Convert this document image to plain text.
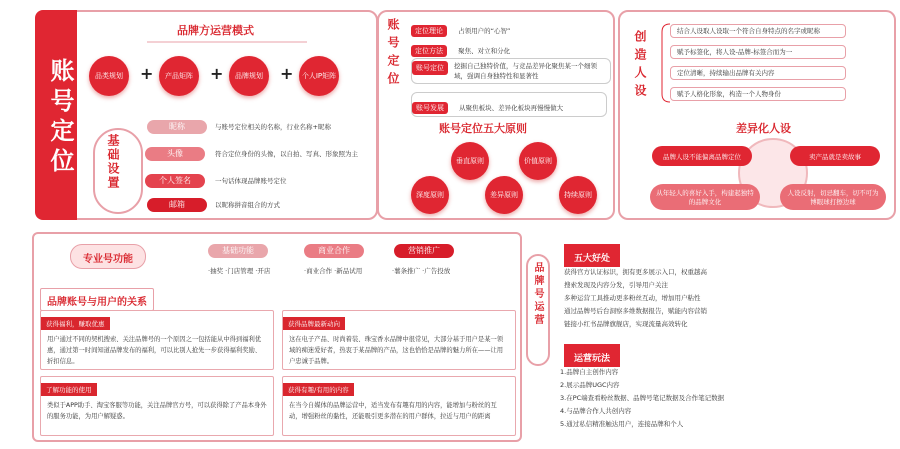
账号定位
品牌方运营模式
品类规划	+	产品矩阵	+	品牌规划	+	个人IP矩阵
基础设置
昵称	与账号定位相关的名称，行业名称+昵称
头像	符合定位身份的头像，以自拍、写真、形象照为主
个人签名	一句话体现品牌账号定位
邮箱	以昵称拼音组合的方式
账号定位	定位理论 占领用户的“心智”
定位方法 聚焦、对立和分化
账号定位	挖掘自己独特价值，与竞品差异化聚焦某一个细领域，强调自身独特性和显著性
账号发展 从聚焦板块、差异化板块再慢慢做大
账号定位五大原则
垂直原则	价值原则
深度原则	差异原则	持续原则
创造人设	结合人设取人设取一个符合自身特点的名字或昵称
赋予标签化，将人设-品牌-标签合而为一
定位清晰，持续输出品牌有关内容
赋予人格化形象，构造一个人物身份
差异化人设
品牌人设不能偏离品牌定位	卖产品就是卖故事
从年轻人的喜好入手，构建起独特的品牌文化
人设反射，切忌翻车，切不可为博眼球打擦边球
专业号功能
基础功能
·抽奖 ·门店管理 ·开店
商业合作
·商业合作 ·新品试用
营销推广
·薯条推广 ·广告投放
品牌账号与用户的关系
获得福利，赚取优惠
用户通过不同的契机搜索、关注品牌号的一个原因之一包括能从中得到福利优惠，通过第一时间知道品牌发布的福利，可以比别人抢先一步获得福利奖励、折扣信息。
获得品牌最新动向
这在电子产品、时尚着装、珠宝香水品牌中很常见，大部分基于用户是某一领域的痴迷爱好者，热衷于某品牌的产品，这也恰恰是品牌的魅力所在——让用户忠诚于品牌。
了解功能的使用
类似于APP助手、淘宝客服等功能，关注品牌官方号，可以获得除了产品本身外的服务功能，为用户解疑惑。
获得有趣/有用的内容
在当今自媒体的品牌运营中，适当发布有趣有用的内容，能增加与粉丝的互动，增强粉丝的黏性，还能吸引更多潜在的用户群体，拉近与用户的距离
品牌号运营
五大好处
获得官方认证标识，拥有更多展示入口，权重越高
搜索发现及内容分发，引导用户关注
多种运营工具推动更多粉丝互动，增加用户粘性
通过品牌号后台洞察多维数据报告，赋能内容营销
链接小红书品牌旗舰店，实现流量高效转化
运营玩法
1.品牌自主创作内容
2.展示品牌UGC内容
3.在PC端查看粉丝数据、品牌号笔记数据及合作笔记数据
4.与品牌合作人共创内容
5.通过私信精准触达用户，连接品牌和个人
